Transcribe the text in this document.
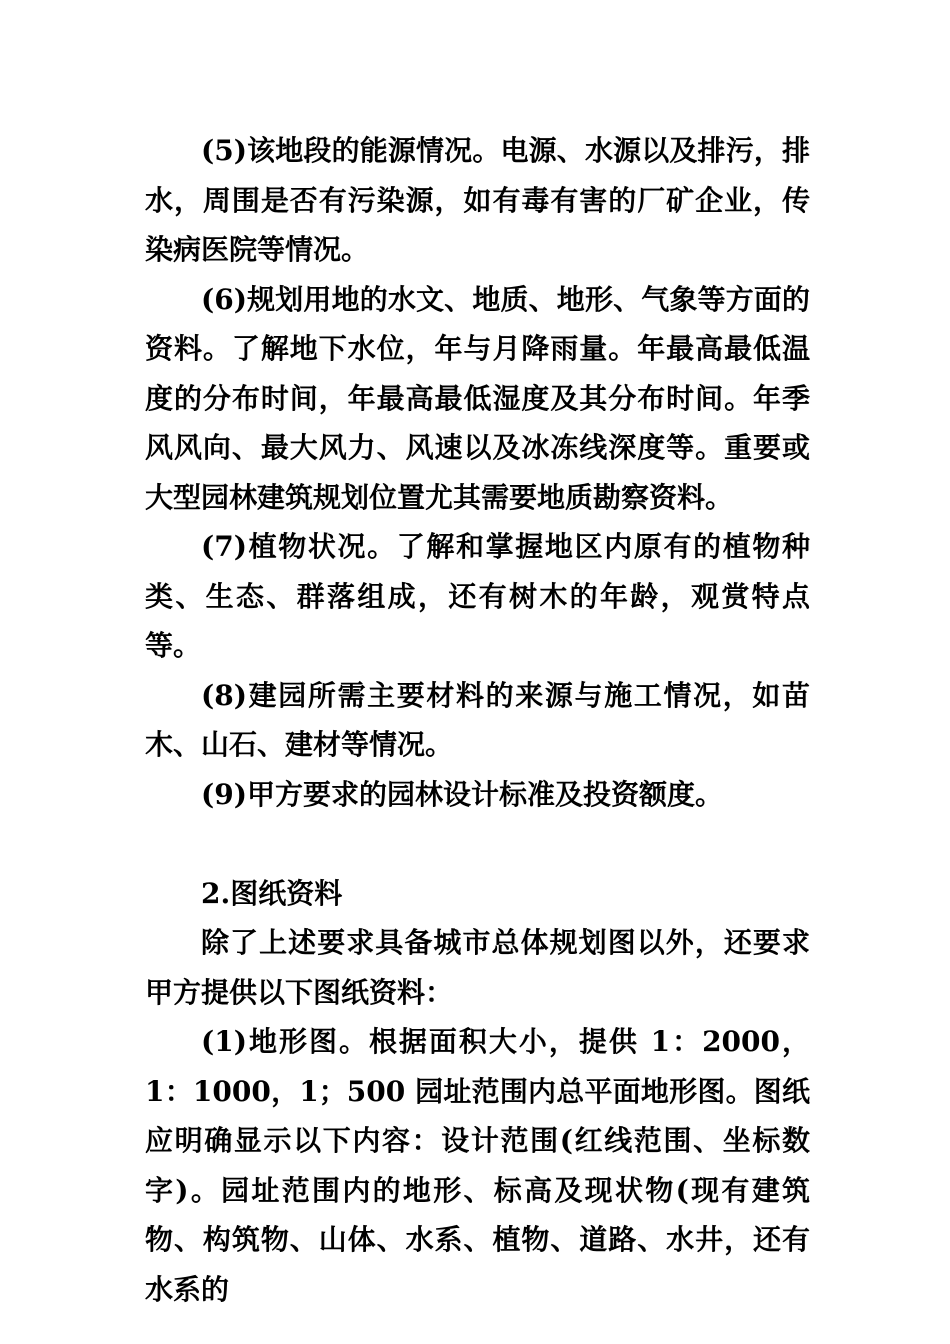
(5)该地段的能源情况。电源、水源以及排污，排水，周围是否有污染源，如有毒有害的厂矿企业，传染病医院等情况。

(6)规划用地的水文、地质、地形、气象等方面的资料。了解地下水位，年与月降雨量。年最高最低温度的分布时间，年最高最低湿度及其分布时间。年季风风向、最大风力、风速以及冰冻线深度等。重要或大型园林建筑规划位置尤其需要地质勘察资料。

(7)植物状况。了解和掌握地区内原有的植物种类、生态、群落组成，还有树木的年龄，观赏特点等。

(8)建园所需主要材料的来源与施工情况，如苗木、山石、建材等情况。

(9)甲方要求的园林设计标准及投资额度。

2.图纸资料

除了上述要求具备城市总体规划图以外，还要求甲方提供以下图纸资料：

(1)地形图。根据面积大小，提供 1：2000，1：1000，1；500 园址范围内总平面地形图。图纸应明确显示以下内容：设计范围(红线范围、坐标数字)。园址范围内的地形、标高及现状物(现有建筑物、构筑物、山体、水系、植物、道路、水井，还有水系的
